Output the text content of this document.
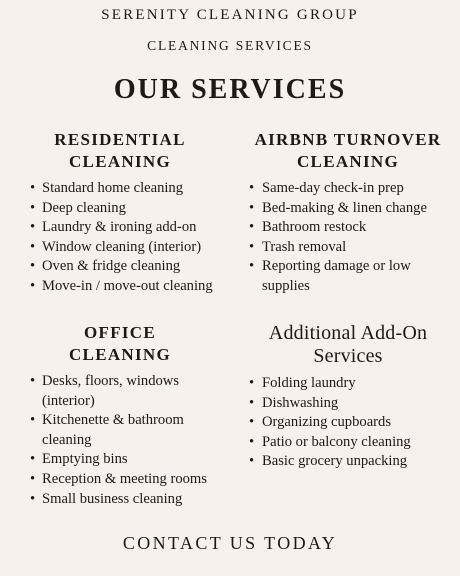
SERENITY CLEANING GROUP
CLEANING SERVICES
OUR SERVICES
RESIDENTIAL
CLEANING
• Standard home cleaning
• Deep cleaning
• Laundry & ironing add-on
• Window cleaning (interior)
• Oven & fridge cleaning
• Move-in / move-out cleaning
AIRBNB TURNOVER
CLEANING
• Same-day check-in prep
• Bed-making & linen change
• Bathroom restock
• Trash removal
• Reporting damage or low supplies
OFFICE
CLEANING
• Desks, floors, windows (interior)
• Kitchenette & bathroom cleaning
• Emptying bins
• Reception & meeting rooms
• Small business cleaning
Additional Add-On
Services
• Folding laundry
• Dishwashing
• Organizing cupboards
• Patio or balcony cleaning
• Basic grocery unpacking
CONTACT US TODAY
